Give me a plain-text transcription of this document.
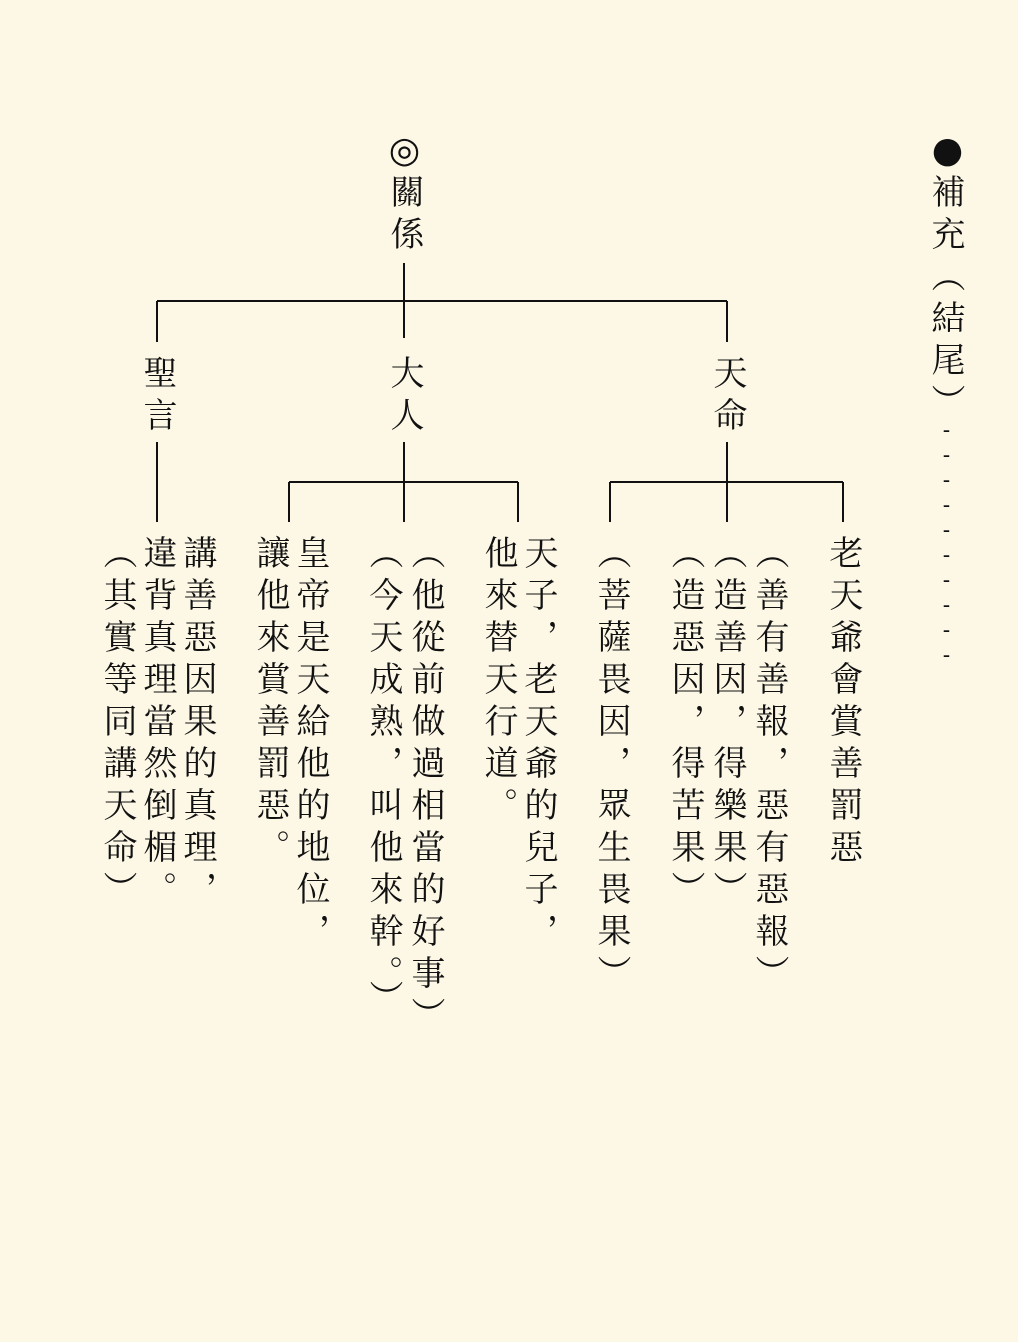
●
補充（結尾）
----------
◎
關係
天命
大人
聖言
老天爺會賞善罰惡
（善有善報，惡有惡報）
（造善因，得樂果）
（造惡因，得苦果）
（菩薩畏因，眾生畏果）
天子，老天爺的兒子，
他來替天行道。
（他從前做過相當的好事）
（今天成熟，叫他來幹。）
皇帝是天給他的地位，
讓他來賞善罰惡。
講善惡因果的真理，
違背真理當然倒楣。
（其實等同講天命）
